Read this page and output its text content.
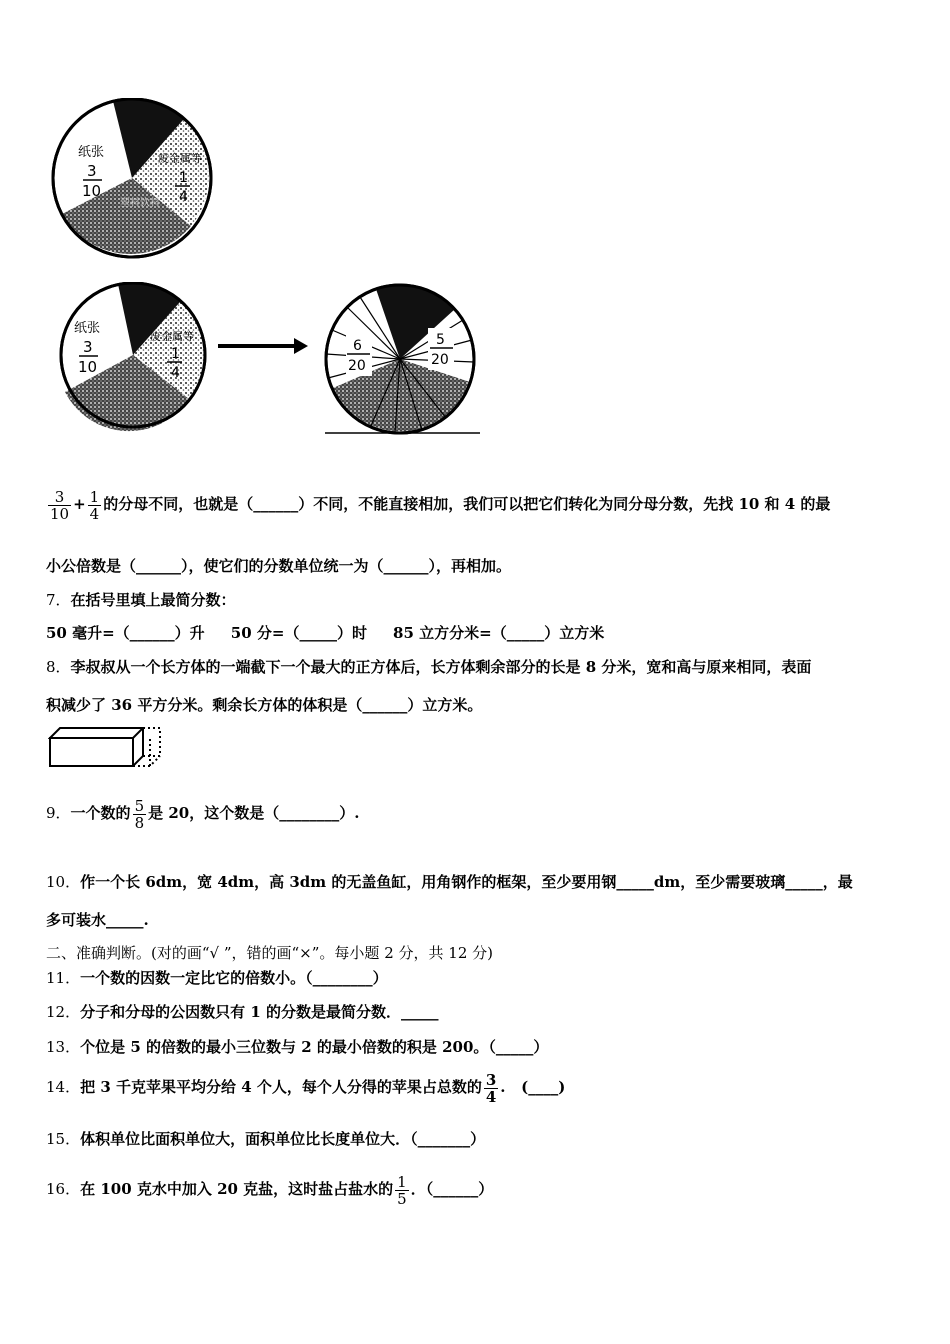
纸张
3
10
废金属等
1
4
塑料饮料
纸张
3
10
废金属等
1
4
6
20
5
20
$\frac{3}{10} + \frac{1}{4}$ 的分母不同，也就是（______）不同，不能直接相加，我们可以把它们转化为同分母分数，先找 10 和 4 的最
小公倍数是（______），使它们的分数单位统一为（______），再相加。
7．在括号里填上最简分数：
50 毫升=（______）升     50 分=（_____）时     85 立方分米=（_____）立方米
8．李叔叔从一个长方体的一端截下一个最大的正方体后，长方体剩余部分的长是 8 分米，宽和高与原来相同，表面
积减少了 36 平方分米。剩余长方体的体积是（______）立方米。
9．一个数的 $\frac{5}{8}$ 是 20，这个数是（________）.
10．作一个长 6dm，宽 4dm，高 3dm 的无盖鱼缸，用角钢作的框架，至少要用钢_____dm，至少需要玻璃_____，最
多可装水_____.
二、准确判断。(对的画“√ ”，错的画“×”。每小题 2 分，共 12 分)
11．一个数的因数一定比它的倍数小。（________）
12．分子和分母的公因数只有 1 的分数是最简分数．_____
13．个位是 5 的倍数的最小三位数与 2 的最小倍数的积是 200。（_____）
14．把 3 千克苹果平均分给 4 个人，每个人分得的苹果占总数的 $\frac{3}{4}$ .   (____)
15．体积单位比面积单位大，面积单位比长度单位大．（_______）
16．在 100 克水中加入 20 克盐，这时盐占盐水的 $\frac{1}{5}$ ．（______）
